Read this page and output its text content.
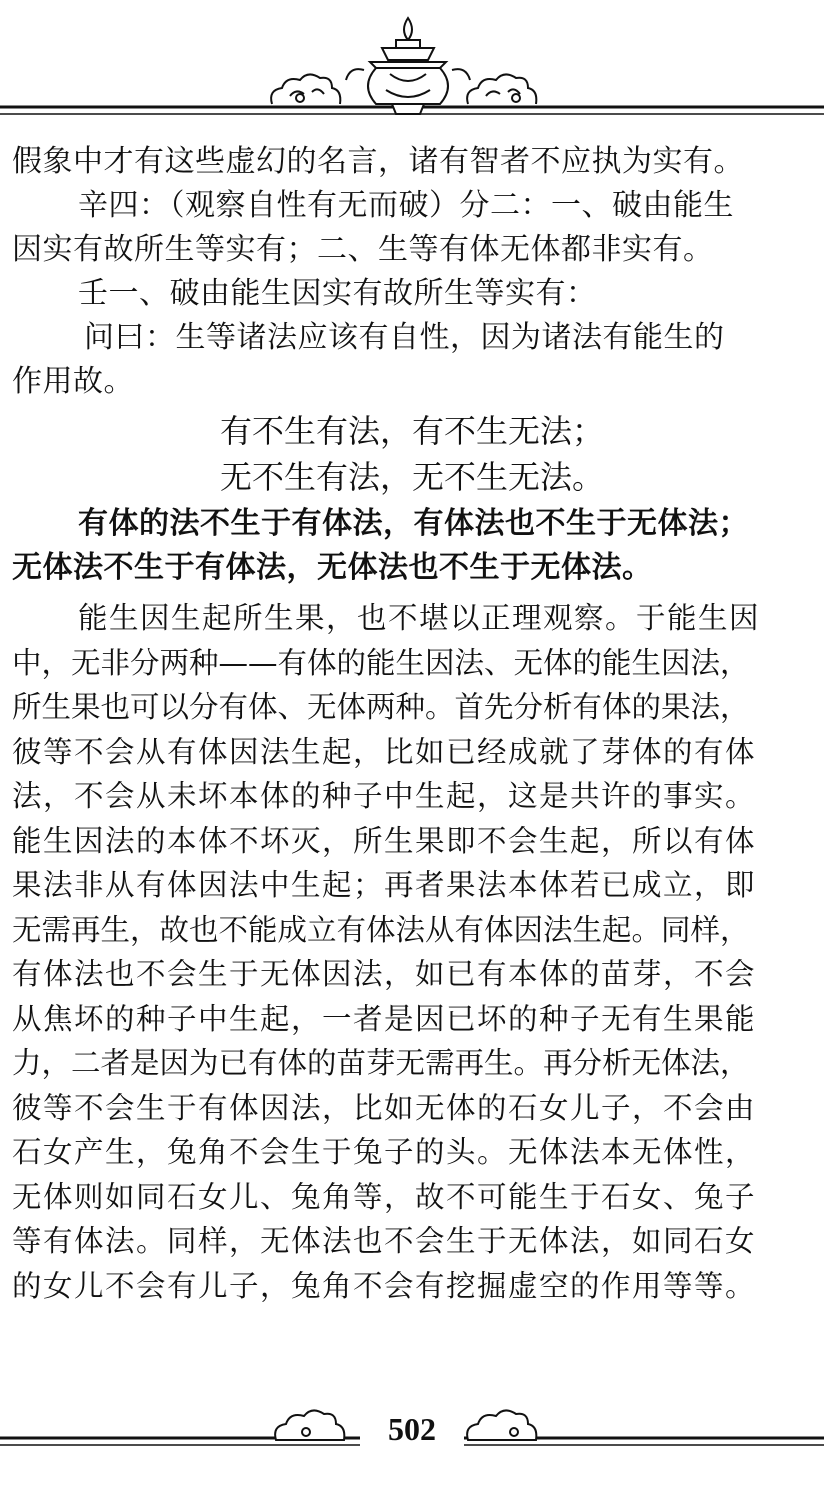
假象中才有这些虚幻的名言，诸有智者不应执为实有。
辛四：（观察自性有无而破）分二：一、破由能生
因实有故所生等实有；二、生等有体无体都非实有。
壬一、破由能生因实有故所生等实有：
问曰：生等诸法应该有自性，因为诸法有能生的
作用故。
有不生有法，有不生无法；
无不生有法，无不生无法。
有体的法不生于有体法，有体法也不生于无体法；
无体法不生于有体法，无体法也不生于无体法。
能生因生起所生果，也不堪以正理观察。于能生因
中，无非分两种——有体的能生因法、无体的能生因法，
所生果也可以分有体、无体两种。首先分析有体的果法，
彼等不会从有体因法生起，比如已经成就了芽体的有体
法，不会从未坏本体的种子中生起，这是共许的事实。
能生因法的本体不坏灭，所生果即不会生起，所以有体
果法非从有体因法中生起；再者果法本体若已成立，即
无需再生，故也不能成立有体法从有体因法生起。同样，
有体法也不会生于无体因法，如已有本体的苗芽，不会
从焦坏的种子中生起，一者是因已坏的种子无有生果能
力，二者是因为已有体的苗芽无需再生。再分析无体法，
彼等不会生于有体因法，比如无体的石女儿子，不会由
石女产生，兔角不会生于兔子的头。无体法本无体性，
无体则如同石女儿、兔角等，故不可能生于石女、兔子
等有体法。同样，无体法也不会生于无体法，如同石女
的女儿不会有儿子，兔角不会有挖掘虚空的作用等等。
502
